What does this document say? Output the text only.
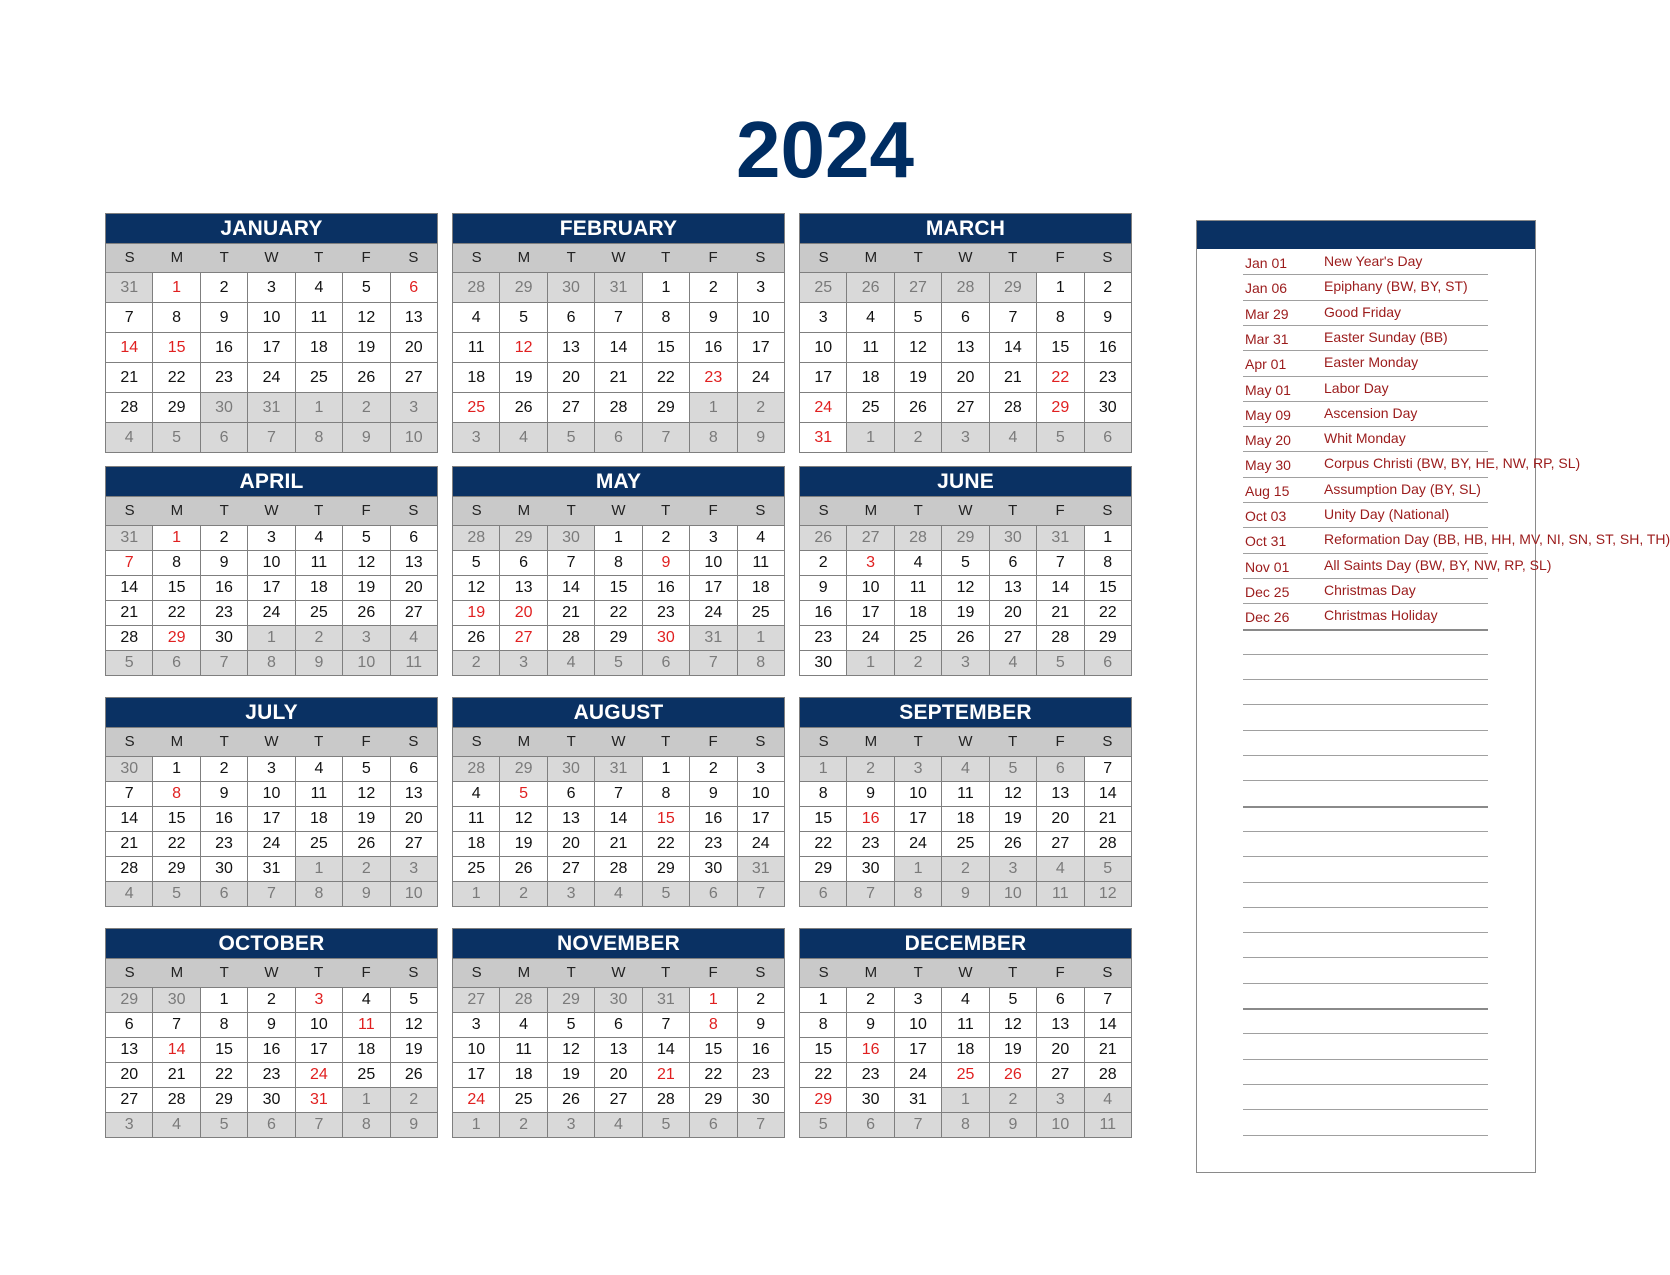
2024
JANUARY
S	M	T	W	T	F	S
31	1	2	3	4	5	6
7	8	9	10	11	12	13
14	15	16	17	18	19	20
21	22	23	24	25	26	27
28	29	30	31	1	2	3
4	5	6	7	8	9	10
FEBRUARY
S	M	T	W	T	F	S
28	29	30	31	1	2	3
4	5	6	7	8	9	10
11	12	13	14	15	16	17
18	19	20	21	22	23	24
25	26	27	28	29	1	2
3	4	5	6	7	8	9
MARCH
S	M	T	W	T	F	S
25	26	27	28	29	1	2
3	4	5	6	7	8	9
10	11	12	13	14	15	16
17	18	19	20	21	22	23
24	25	26	27	28	29	30
31	1	2	3	4	5	6
APRIL
S	M	T	W	T	F	S
31	1	2	3	4	5	6
7	8	9	10	11	12	13
14	15	16	17	18	19	20
21	22	23	24	25	26	27
28	29	30	1	2	3	4
5	6	7	8	9	10	11
MAY
S	M	T	W	T	F	S
28	29	30	1	2	3	4
5	6	7	8	9	10	11
12	13	14	15	16	17	18
19	20	21	22	23	24	25
26	27	28	29	30	31	1
2	3	4	5	6	7	8
JUNE
S	M	T	W	T	F	S
26	27	28	29	30	31	1
2	3	4	5	6	7	8
9	10	11	12	13	14	15
16	17	18	19	20	21	22
23	24	25	26	27	28	29
30	1	2	3	4	5	6
JULY
S	M	T	W	T	F	S
30	1	2	3	4	5	6
7	8	9	10	11	12	13
14	15	16	17	18	19	20
21	22	23	24	25	26	27
28	29	30	31	1	2	3
4	5	6	7	8	9	10
AUGUST
S	M	T	W	T	F	S
28	29	30	31	1	2	3
4	5	6	7	8	9	10
11	12	13	14	15	16	17
18	19	20	21	22	23	24
25	26	27	28	29	30	31
1	2	3	4	5	6	7
SEPTEMBER
S	M	T	W	T	F	S
1	2	3	4	5	6	7
8	9	10	11	12	13	14
15	16	17	18	19	20	21
22	23	24	25	26	27	28
29	30	1	2	3	4	5
6	7	8	9	10	11	12
OCTOBER
S	M	T	W	T	F	S
29	30	1	2	3	4	5
6	7	8	9	10	11	12
13	14	15	16	17	18	19
20	21	22	23	24	25	26
27	28	29	30	31	1	2
3	4	5	6	7	8	9
NOVEMBER
S	M	T	W	T	F	S
27	28	29	30	31	1	2
3	4	5	6	7	8	9
10	11	12	13	14	15	16
17	18	19	20	21	22	23
24	25	26	27	28	29	30
1	2	3	4	5	6	7
DECEMBER
S	M	T	W	T	F	S
1	2	3	4	5	6	7
8	9	10	11	12	13	14
15	16	17	18	19	20	21
22	23	24	25	26	27	28
29	30	31	1	2	3	4
5	6	7	8	9	10	11
Jan 01	New Year's Day
Jan 06	Epiphany (BW, BY, ST)
Mar 29	Good Friday
Mar 31	Easter Sunday (BB)
Apr 01	Easter Monday
May 01 Labor Day
May 09 Ascension Day
May 20 Whit Monday
May 30 Corpus Christi (BW, BY, HE, NW, RP, SL)
Aug 15 Assumption Day (BY, SL)
Oct 03	Unity Day (National)
Oct 31	Reformation Day (BB, HB, HH, MV, NI, SN, ST, SH, TH)
Nov 01 All Saints Day (BW, BY, NW, RP, SL)
Dec 25 Christmas Day
Dec 26 Christmas Holiday
